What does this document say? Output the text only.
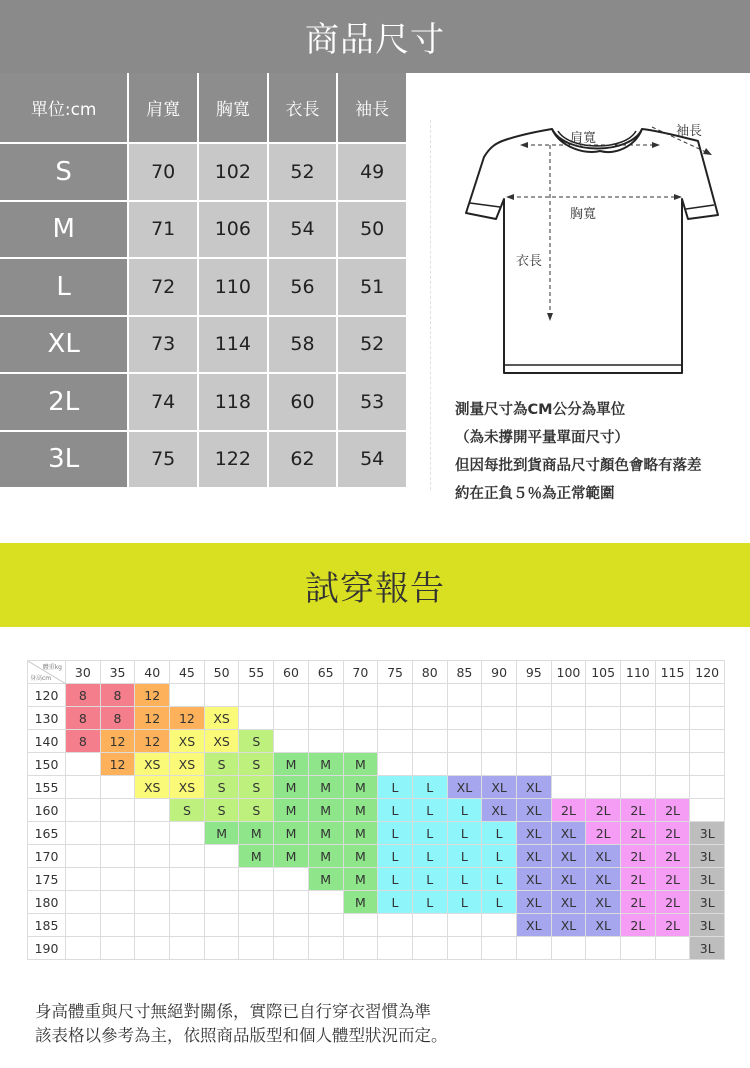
商品尺寸
單位:cm	肩寬	胸寬	衣長	袖長
S	70	102	52	49
M	71	106	54	50
L	72	110	56	51
XL	73	114	58	52
2L	74	118	60	53
3L	75	122	62	54
肩寬	袖長
胸寬
衣長

測量尺寸為CM公分為單位

（為未撐開平量單面尺寸）

但因每批到貨商品尺寸顏色會略有落差

約在正負５％為正常範圍

試穿報告
體重kg
身高cm	30	35	40	45	50	55	60	65	70	75	80	85	90	95	100	105	110	115	120
120	8	8	12																
130	8	8	12	12	XS														
140	8	12	12	XS	XS	S													
150		12	XS	XS	S	S	M	M	M										
155			XS	XS	S	S	M	M	M	L	L	XL	XL	XL					
160				S	S	S	M	M	M	L	L	L	XL	XL	2L	2L	2L	2L	
165					M	M	M	M	M	L	L	L	L	XL	XL	2L	2L	2L	3L
170						M	M	M	M	L	L	L	L	XL	XL	XL	2L	2L	3L
175								M	M	L	L	L	L	XL	XL	XL	2L	2L	3L
180									M	L	L	L	L	XL	XL	XL	2L	2L	3L
185														XL	XL	XL	2L	2L	3L
190																			3L

身高體重與尺寸無絕對關係，實際已自行穿衣習慣為準

該表格以參考為主，依照商品版型和個人體型狀況而定。
